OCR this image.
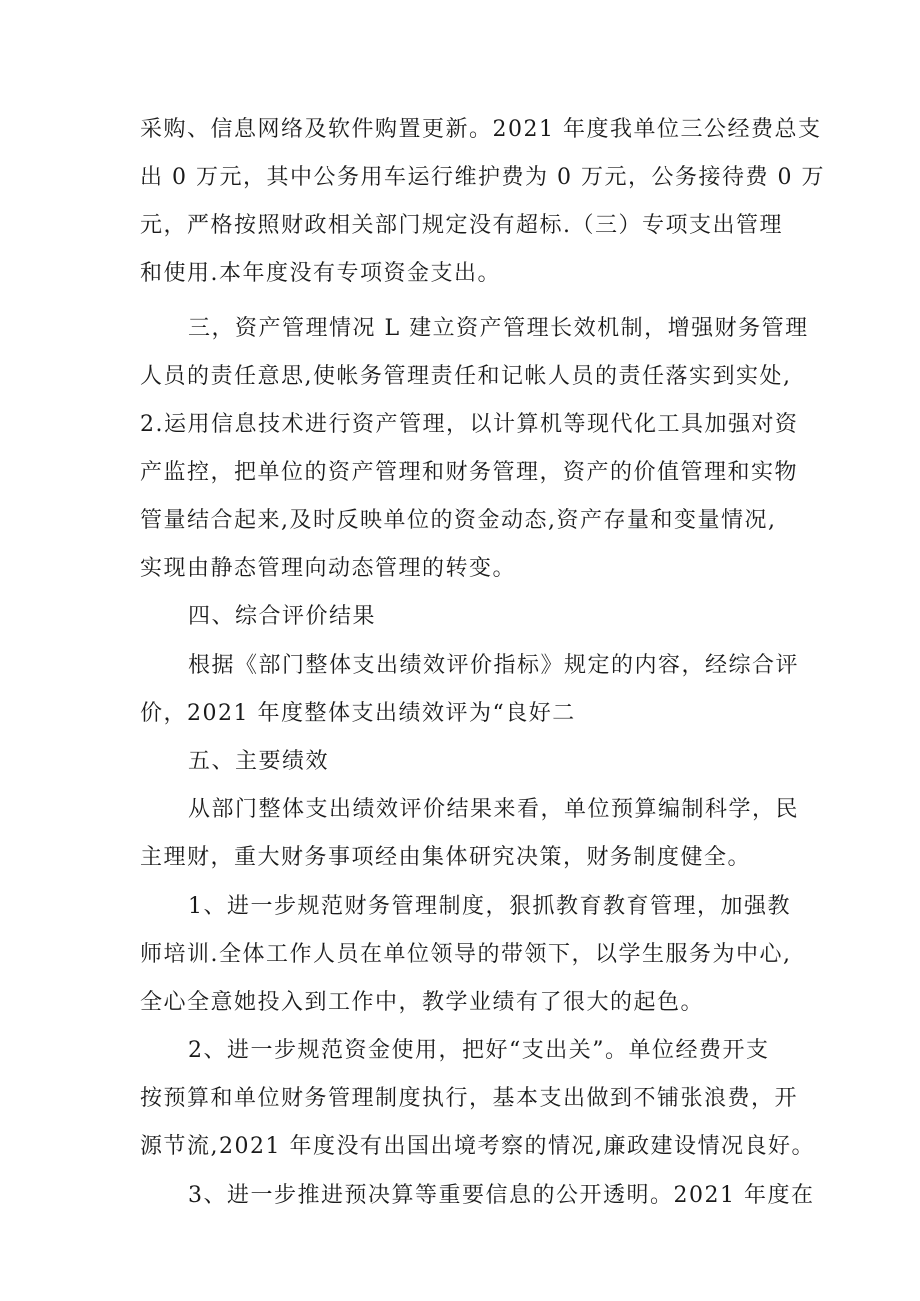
采购、信息网络及软件购置更新。2021 年度我单位三公经费总支
出 0 万元，其中公务用车运行维护费为 0 万元，公务接待费 0 万
元，严格按照财政相关部门规定没有超标.（三）专项支出管理
和使用.本年度没有专项资金支出。
三，资产管理情况 L 建立资产管理长效机制，增强财务管理
人员的责任意思,使帐务管理责任和记帐人员的责任落实到实处,
2.运用信息技术进行资产管理，以计算机等现代化工具加强对资
产监控，把单位的资产管理和财务管理，资产的价值管理和实物
管量结合起来,及时反映单位的资金动态,资产存量和变量情况,
实现由静态管理向动态管理的转变。
四、综合评价结果
根据《部门整体支出绩效评价指标》规定的内容，经综合评
价，2021 年度整体支出绩效评为“良好二
五、主要绩效
从部门整体支出绩效评价结果来看，单位预算编制科学，民
主理财，重大财务事项经由集体研究决策，财务制度健全。
1、进一步规范财务管理制度，狠抓教育教育管理，加强教
师培训.全体工作人员在单位领导的带领下，以学生服务为中心,
全心全意她投入到工作中，教学业绩有了很大的起色。
2、进一步规范资金使用，把好“支出关”。单位经费开支
按预算和单位财务管理制度执行，基本支出做到不铺张浪费，开
源节流,2021 年度没有出国出境考察的情况,廉政建设情况良好。
3、进一步推进预决算等重要信息的公开透明。2021 年度在
